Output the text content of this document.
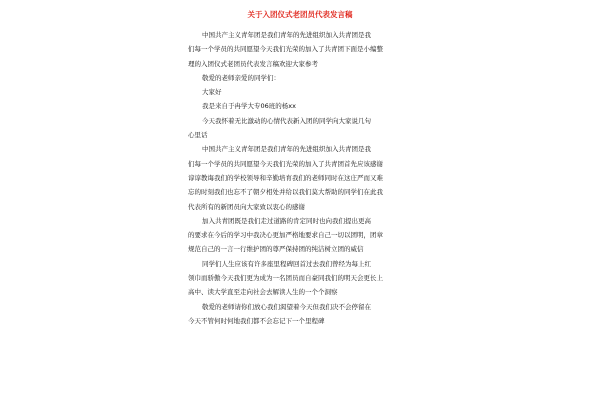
关于入团仪式老团员代表发言稿
中国共产主义青年团是我们青年的先进组织加入共青团是我
们每一个学员的共同愿望今天我们光荣的加入了共青团下面是小编整
理的入团仪式老团员代表发言稿欢迎大家参考
敬爱的老师亲爱的同学们：
大家好
我是来自于冉学大专06班的杨xx
今天我怀着无比激动的心情代表新入团的同学向大家说几句
心里话
中国共产主义青年团是我们青年的先进组织加入共青团是我
们每一个学员的共同愿望今天我们光荣的加入了共青团首先应该感谢
谆谆教诲我们的学校领导和辛勤培育我们的老师同时在这庄严而又难
忘的时刻我们也忘不了朝夕相处并给以我们莫大帮助的同学们在此我
代表所有的新团员向大家致以衷心的感谢
加入共青团既是我们走过道路的肯定同时也向我们提出更高
的要求在今后的学习中我决心更加严格地要求自己一切以团明，团章
规范自己的一言一行维护团的尊严保持团的纯洁树立团的威信
同学们人生应该有许多座里程碑回首过去我们曾经为每上红
领巾而骄傲今天我们更为成为一名团员而自豪同我们的明天会更长上
高中、读大学直至走向社会去解读人生的一个个洞察
敬爱的老师请你们放心我们渴望着今天但我们决不会停留在
今天不管何时何地我们都不会忘记下一个里程碑
